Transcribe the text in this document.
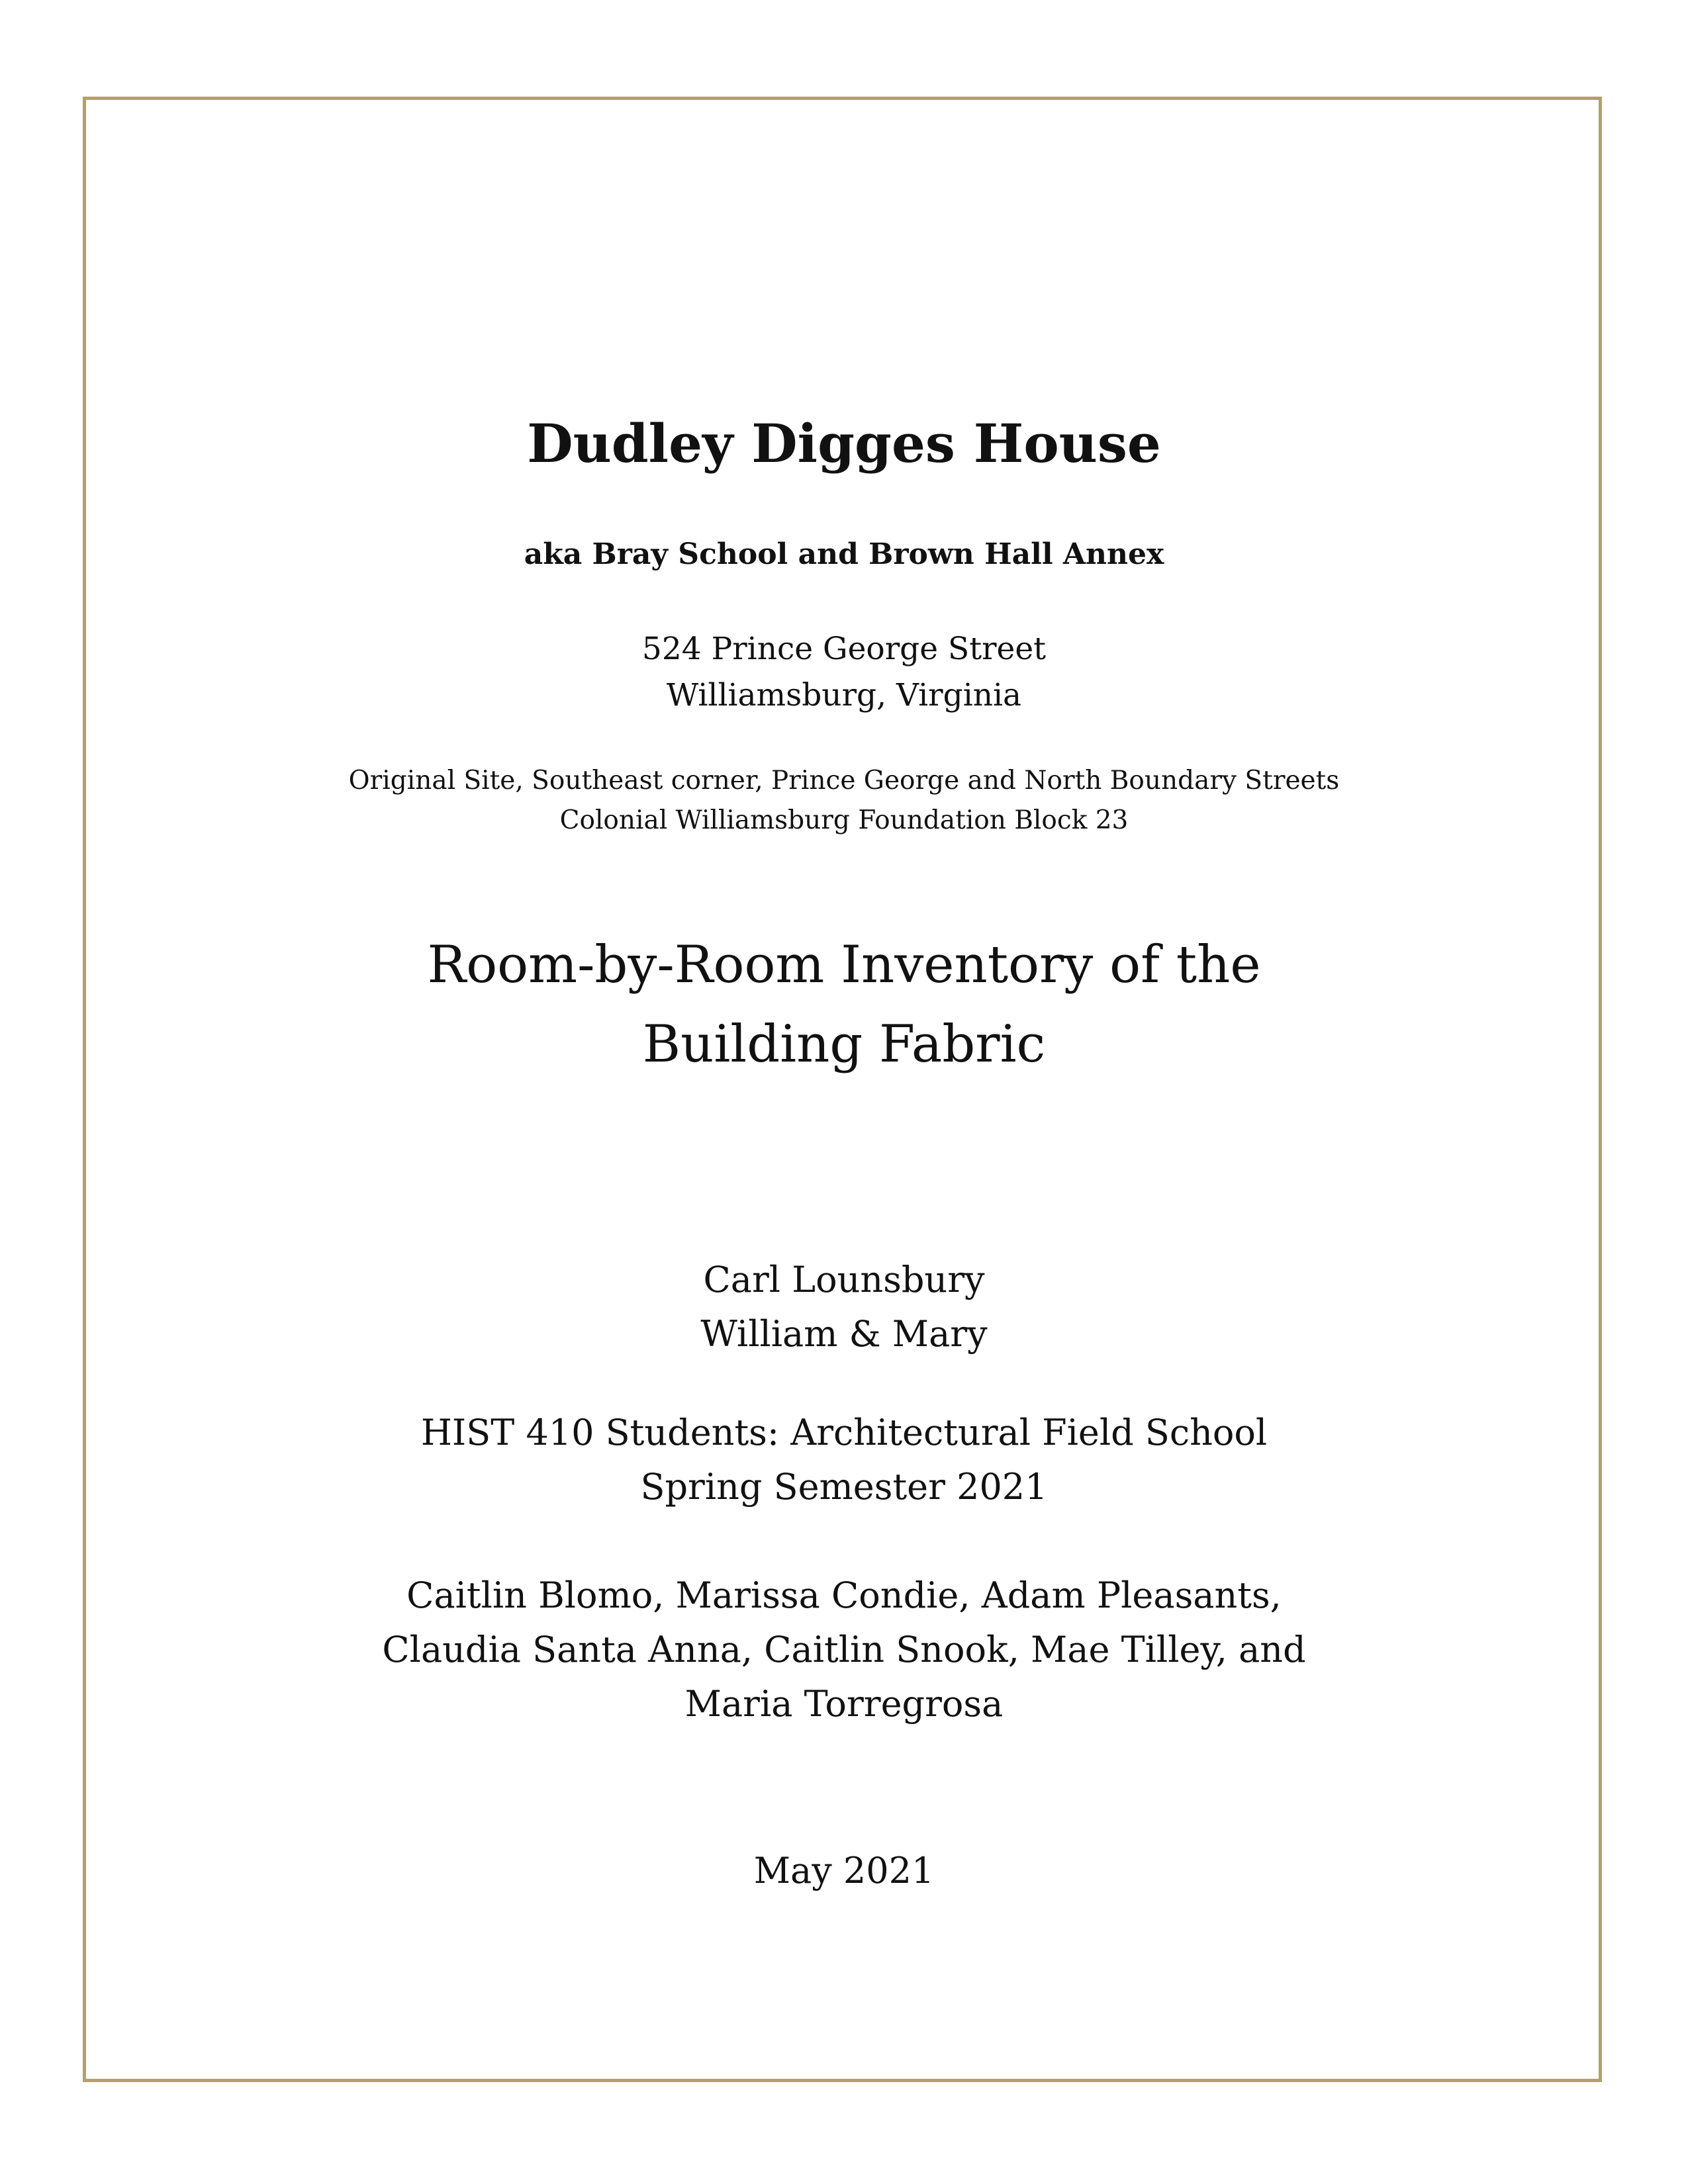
Dudley Digges House
aka Bray School and Brown Hall Annex
524 Prince George Street
Williamsburg, Virginia
Original Site, Southeast corner, Prince George and North Boundary Streets
Colonial Williamsburg Foundation Block 23
Room-by-Room Inventory of the
Building Fabric
Carl Lounsbury
William & Mary
HIST 410 Students: Architectural Field School
Spring Semester 2021
Caitlin Blomo, Marissa Condie, Adam Pleasants,
Claudia Santa Anna, Caitlin Snook, Mae Tilley, and
Maria Torregrosa
May 2021
